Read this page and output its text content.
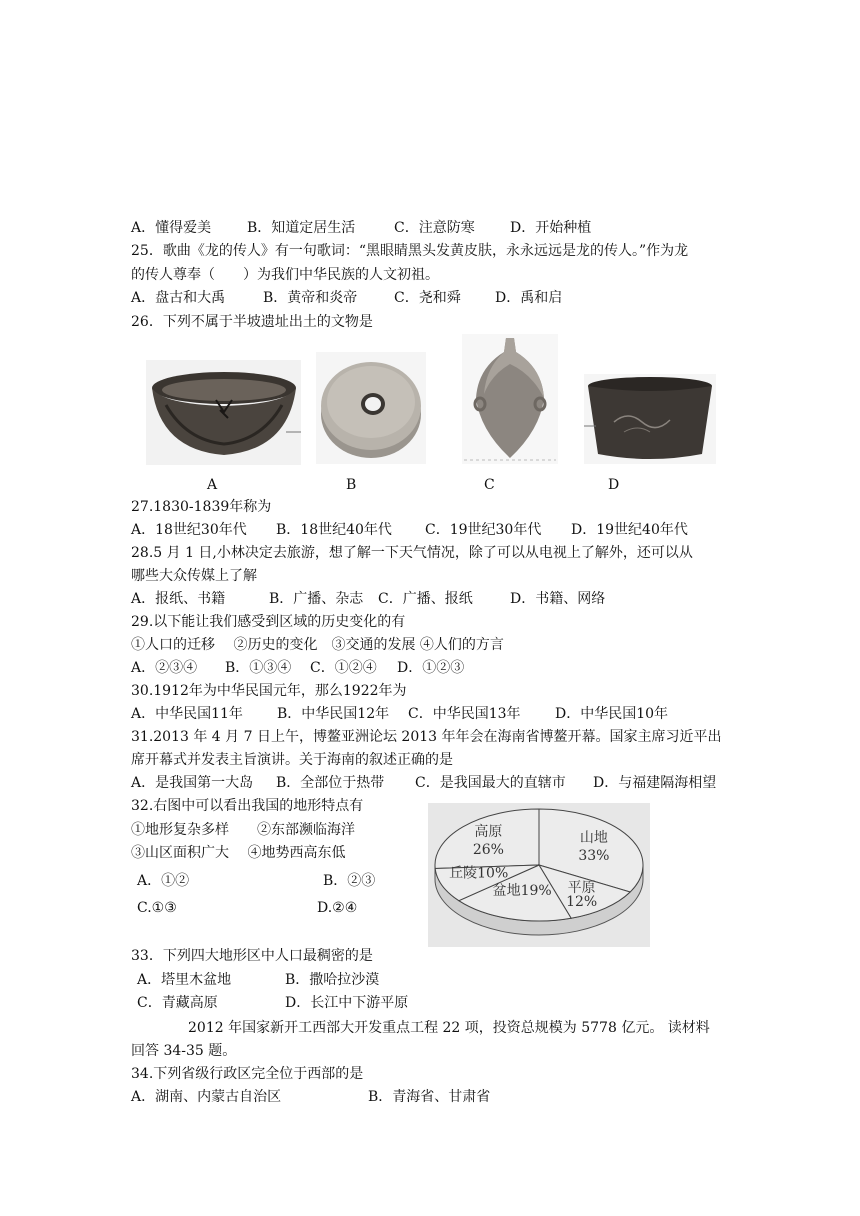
A．懂得爱美	B．知道定居生活	C．注意防寒	D．开始种植
25．歌曲《龙的传人》有一句歌词：“黑眼睛黑头发黄皮肤，永永远远是龙的传人。”作为龙
的传人尊奉（　　）为我们中华民族的人文初祖。
A．盘古和大禹	B．黄帝和炎帝	C．尧和舜 D．禹和启
26．下列不属于半坡遗址出土的文物是
A	B	C	D
27.1830-1839年称为
A．18世纪30年代 B．18世纪40年代 C．19世纪30年代 D．19世纪40年代
28.5 月 1 日,小林决定去旅游，想了解一下天气情况，除了可以从电视上了解外，还可以从
哪些大众传媒上了解
A．报纸、书籍	B．广播、杂志 C．广播、报纸	D．书籍、网络
29.以下能让我们感受到区域的历史变化的有
①人口的迁移　 ②历史的变化　③交通的发展 ④人们的方言
A．②③④ B．①③④ C．①②④ D．①②③
30.1912年为中华民国元年，那么1922年为
A．中华民国11年 B．中华民国12年 C．中华民国13年 D．中华民国10年
31.2013 年 4 月 7 日上午，博鳌亚洲论坛 2013 年年会在海南省博鳌开幕。国家主席习近平出
席开幕式并发表主旨演讲。关于海南的叙述正确的是
A．是我国第一大岛 B．全部位于热带 C．是我国最大的直辖市 D．与福建隔海相望
32.右图中可以看出我国的地形特点有
①地形复杂多样　　②东部濒临海洋
③山区面积广大　 ④地势西高东低
A．①②	B．②③
C.①③	D.②④
高原
26%
山地
33%
平原
12%
盆地19%
丘陵10%
33．下列四大地形区中人口最稠密的是
A．塔里木盆地	B．撒哈拉沙漠
C．青藏高原	D．长江中下游平原
2012 年国家新开工西部大开发重点工程 22 项，投资总规模为 5778 亿元。 读材料
回答 34-35 题。
34.下列省级行政区完全位于西部的是
A．湖南、内蒙古自治区	B．青海省、甘肃省
